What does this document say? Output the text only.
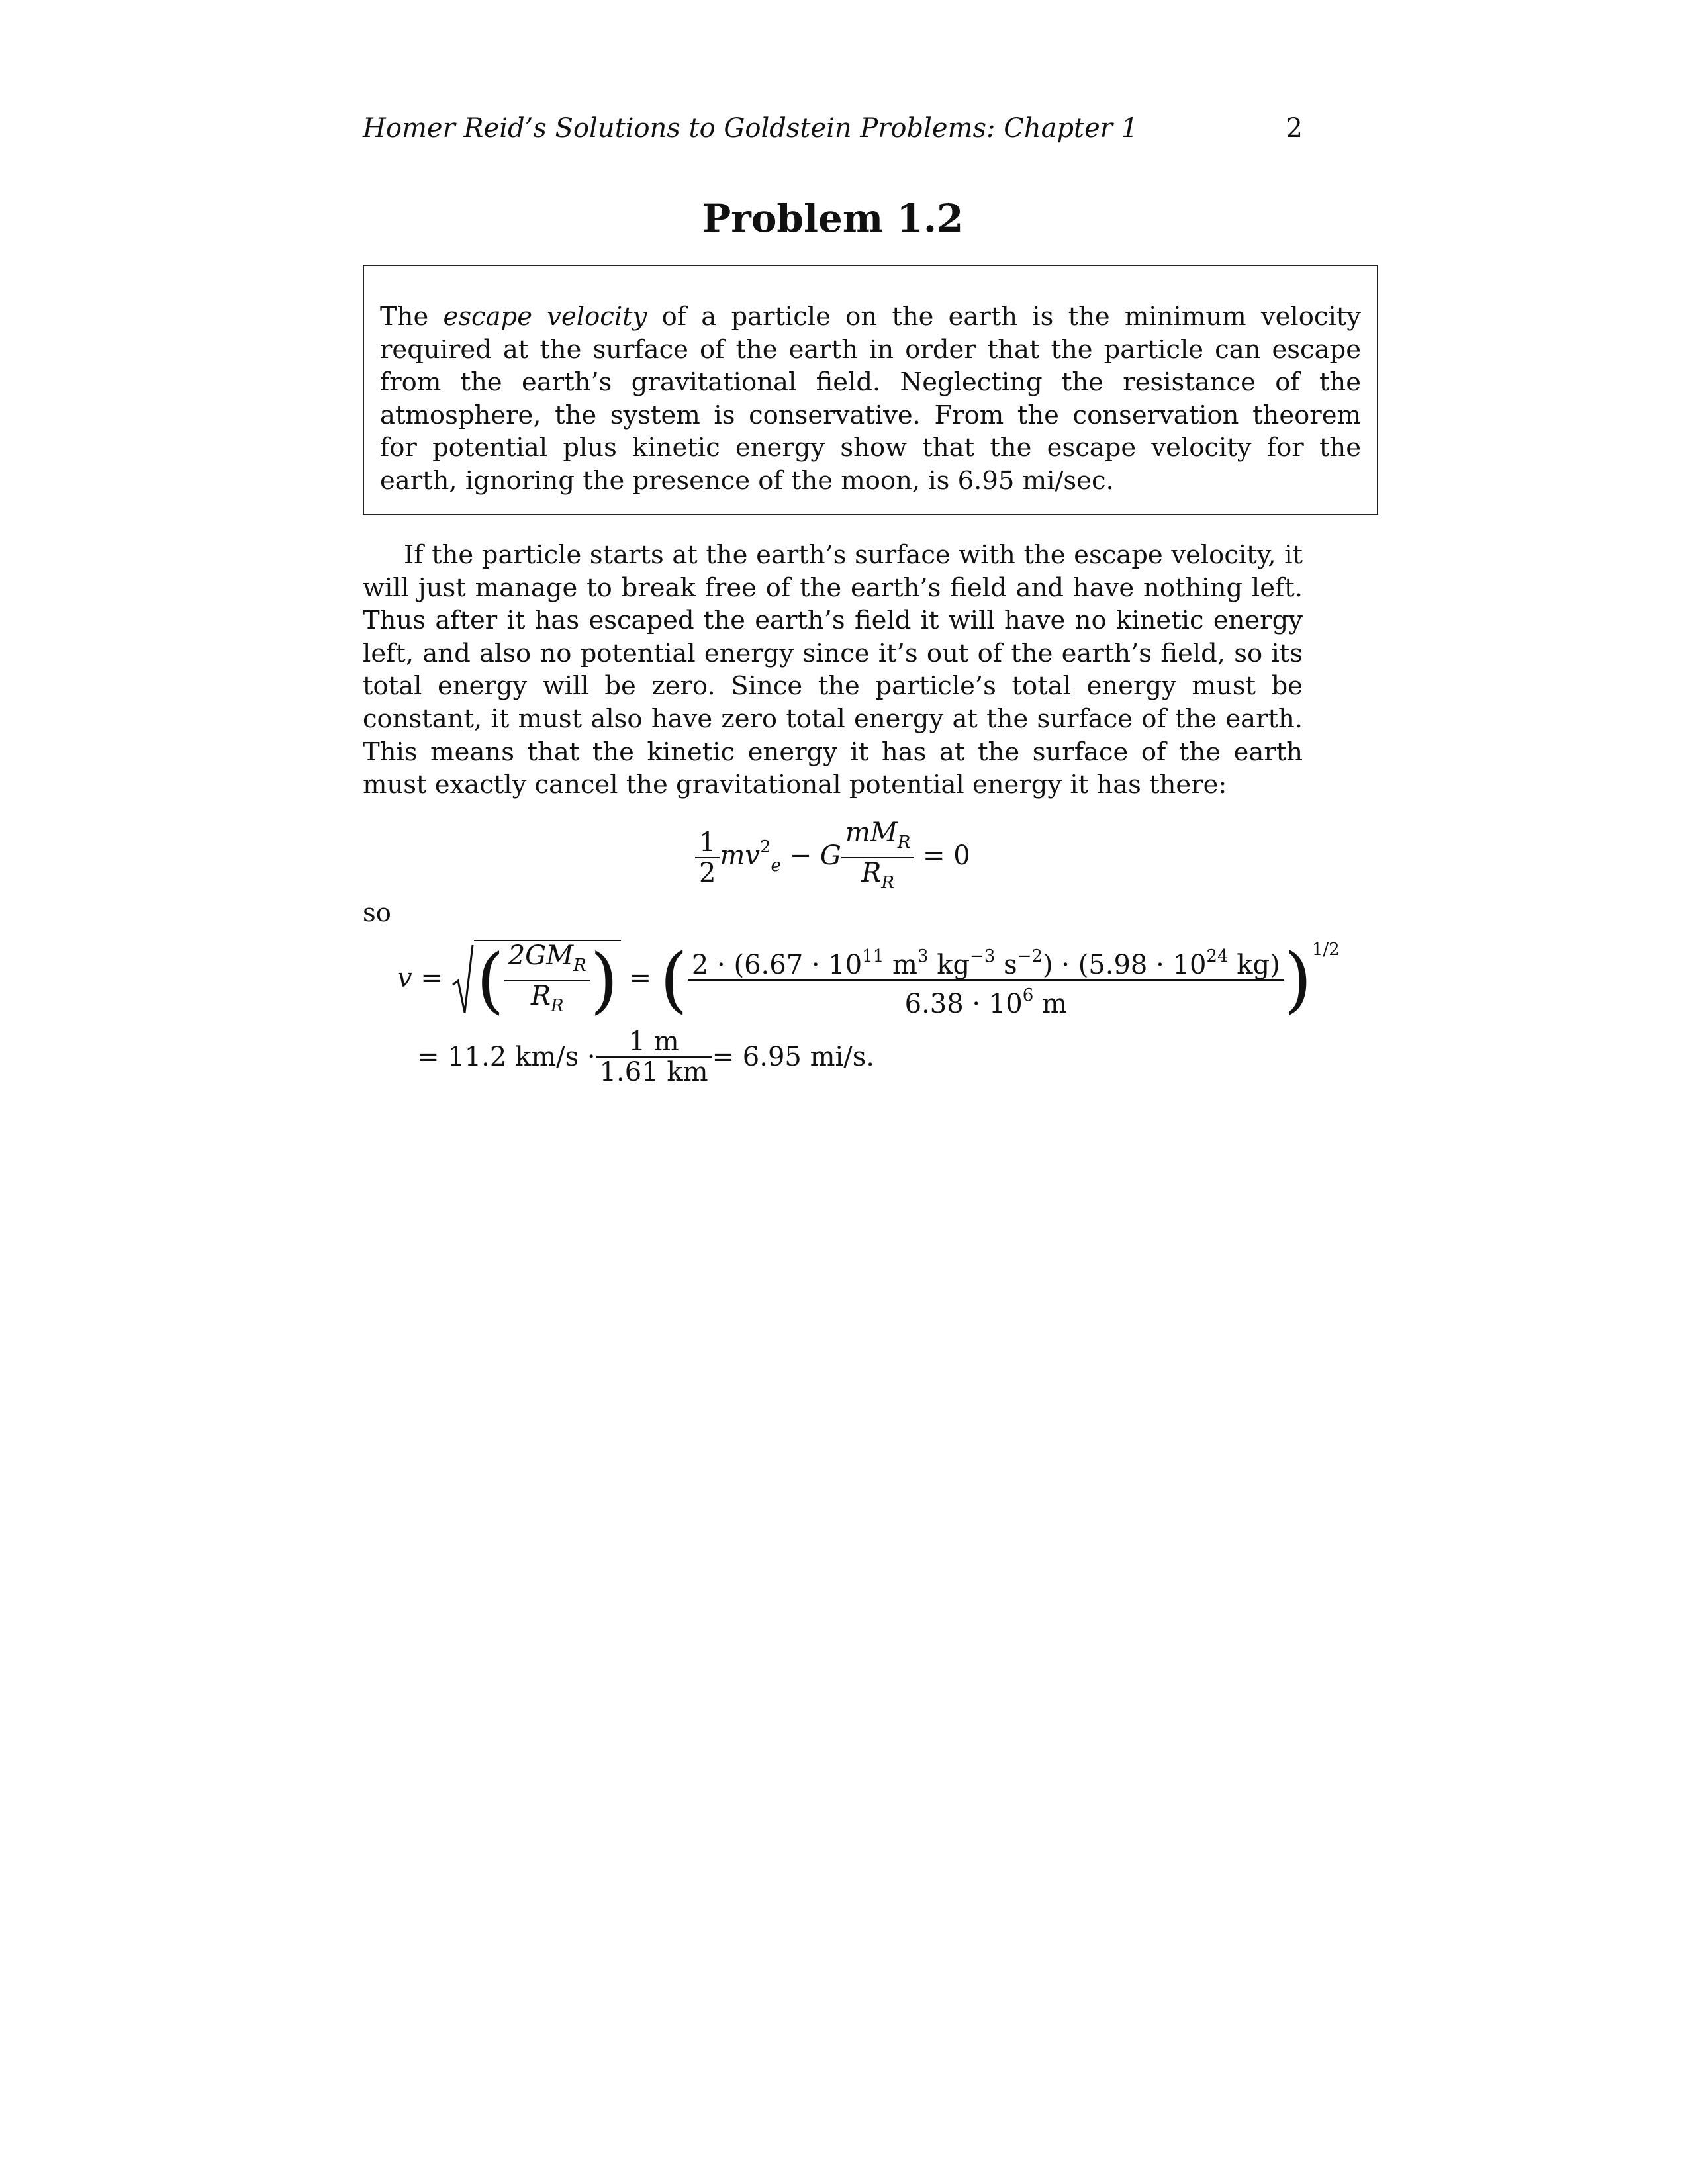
Homer Reid’s Solutions to Goldstein Problems: Chapter 1	2
Problem 1.2
The escape velocity of a particle on the earth is the minimum velocity required at the surface of the earth in order that the particle can escape from the earth’s gravitational field. Neglecting the resistance of the atmosphere, the system is conservative. From the conservation theorem for potential plus kinetic energy show that the escape velocity for the earth, ignoring the presence of the moon, is 6.95 mi/sec.
If the particle starts at the earth’s surface with the escape velocity, it will just manage to break free of the earth’s field and have nothing left. Thus after it has escaped the earth’s field it will have no kinetic energy left, and also no potential energy since it’s out of the earth’s field, so its total energy will be zero. Since the particle’s total energy must be constant, it must also have zero total energy at the surface of the earth. This means that the kinetic energy it has at the surface of the earth must exactly cancel the gravitational potential energy it has there:
$\frac{1}{2} mv^2_e - G \frac{mM_R}{R_R} = 0$
so
v = ( $\frac{2GM_R}{R_R}$ ) = ( $\frac{2 \cdot (6.67 \cdot 10^{11} m^3 kg^{-3} s^{-2}) \cdot (5.98 \cdot 10^{24} kg)}{6.38 \cdot 10^6 m} )^{1/2}$
= 11.2 $km/s \cdot \frac{1 m}{1.61 km} = 6.95$ mi/s.
